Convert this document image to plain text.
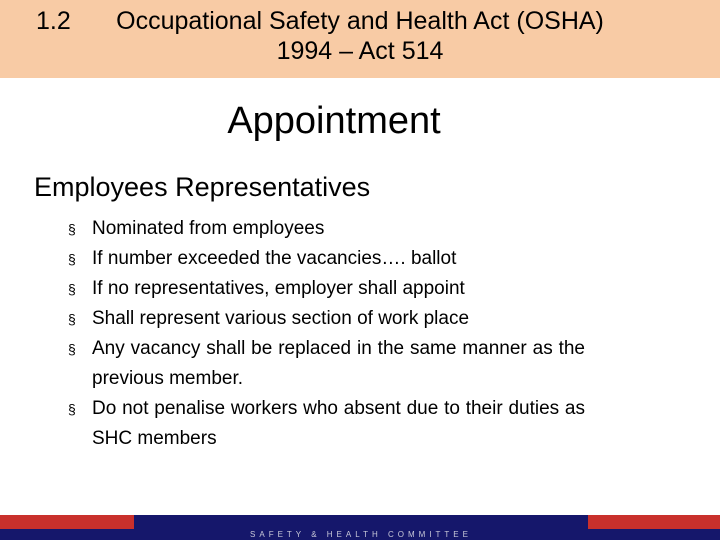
1.2	Occupational Safety and Health Act (OSHA)
1994 – Act 514
Appointment
Employees Representatives
§ Nominated from employees
§ If number exceeded the vacancies…. ballot
§ If no representatives, employer shall appoint
§ Shall represent various section of work place
§ Any vacancy shall be replaced in the same manner as the previous member.
§ Do not penalise workers who absent due to their duties as SHC members
SAFETY & HEALTH COMMITTEE
